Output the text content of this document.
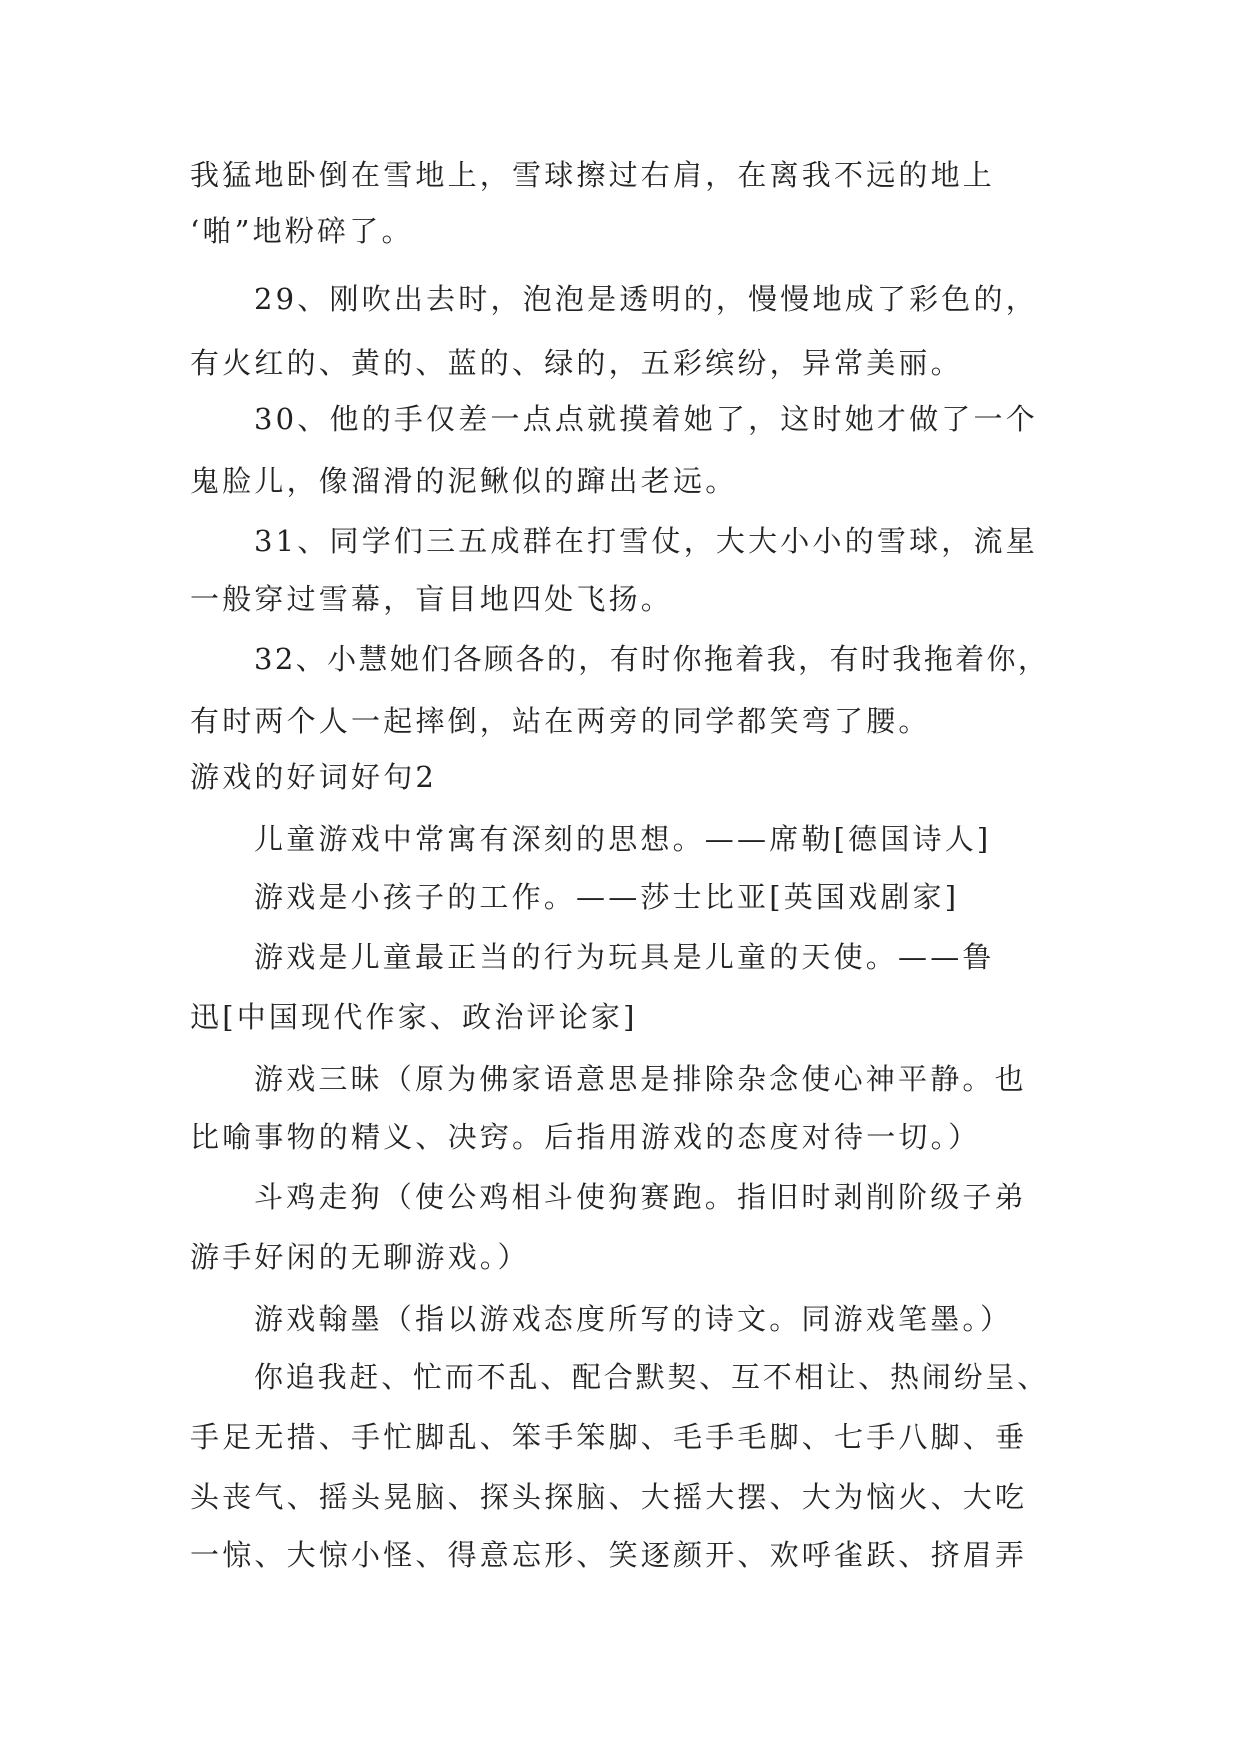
我猛地卧倒在雪地上，雪球擦过右肩，在离我不远的地上
‘啪”地粉碎了。
29、刚吹出去时，泡泡是透明的，慢慢地成了彩色的，
有火红的、黄的、蓝的、绿的，五彩缤纷，异常美丽。
30、他的手仅差一点点就摸着她了，这时她才做了一个
鬼脸儿，像溜滑的泥鳅似的蹿出老远。
31、同学们三五成群在打雪仗，大大小小的雪球，流星
一般穿过雪幕，盲目地四处飞扬。
32、小慧她们各顾各的，有时你拖着我，有时我拖着你，
有时两个人一起摔倒，站在两旁的同学都笑弯了腰。
游戏的好词好句2
儿童游戏中常寓有深刻的思想。——席勒[德国诗人]
游戏是小孩子的工作。——莎士比亚[英国戏剧家]
游戏是儿童最正当的行为玩具是儿童的天使。——鲁
迅[中国现代作家、政治评论家]
游戏三昧（原为佛家语意思是排除杂念使心神平静。也
比喻事物的精义、决窍。后指用游戏的态度对待一切。）
斗鸡走狗（使公鸡相斗使狗赛跑。指旧时剥削阶级子弟
游手好闲的无聊游戏。）
游戏翰墨（指以游戏态度所写的诗文。同游戏笔墨。）
你追我赶、忙而不乱、配合默契、互不相让、热闹纷呈、
手足无措、手忙脚乱、笨手笨脚、毛手毛脚、七手八脚、垂
头丧气、摇头晃脑、探头探脑、大摇大摆、大为恼火、大吃
一惊、大惊小怪、得意忘形、笑逐颜开、欢呼雀跃、挤眉弄
